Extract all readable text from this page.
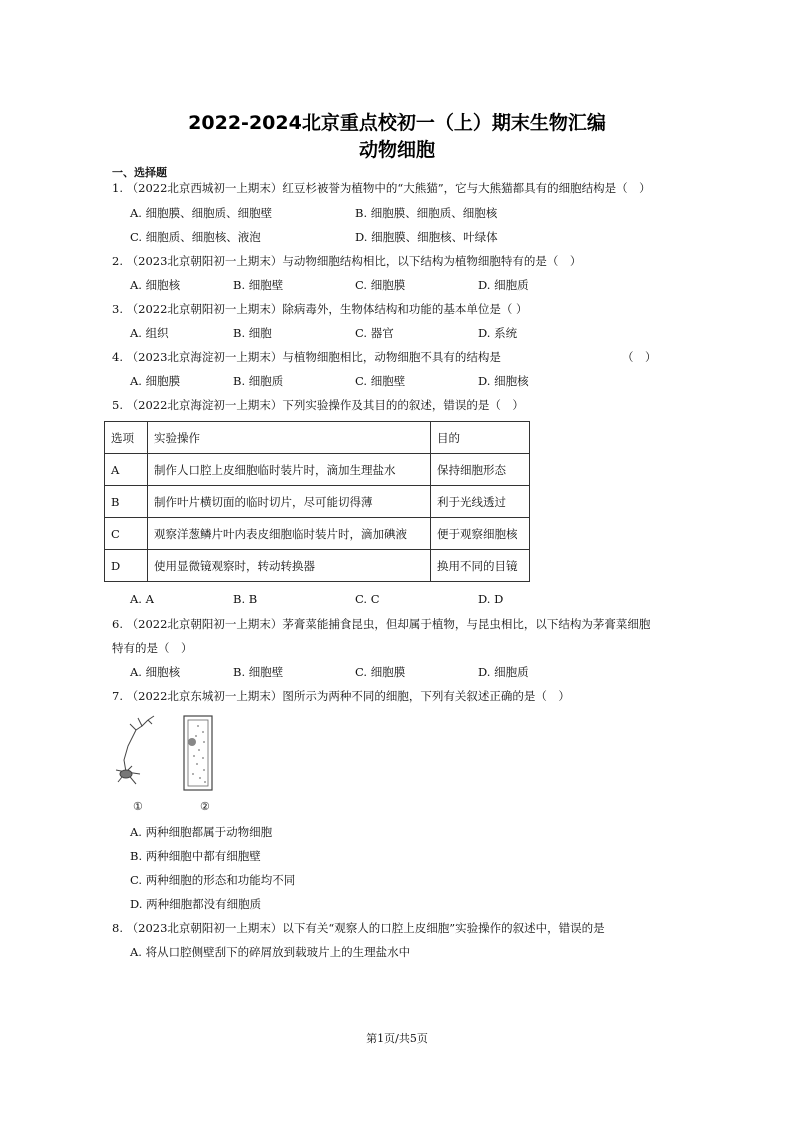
2022-2024北京重点校初一（上）期末生物汇编
动物细胞
一、选择题
1. （2022北京西城初一上期末）红豆杉被誉为植物中的“大熊猫”，它与大熊猫都具有的细胞结构是（　）
A. 细胞膜、细胞质、细胞壁	B. 细胞膜、细胞质、细胞核
C. 细胞质、细胞核、液泡	D. 细胞膜、细胞核、叶绿体
2. （2023北京朝阳初一上期末）与动物细胞结构相比，以下结构为植物细胞特有的是（　）
A. 细胞核	B. 细胞壁	C. 细胞膜	D. 细胞质
3. （2022北京朝阳初一上期末）除病毒外，生物体结构和功能的基本单位是（ ）
A. 组织	B. 细胞	C. 器官	D. 系统
4. （2023北京海淀初一上期末）与植物细胞相比，动物细胞不具有的结构是	（　）
A. 细胞膜	B. 细胞质	C. 细胞壁	D. 细胞核
5. （2022北京海淀初一上期末）下列实验操作及其目的的叙述，错误的是（　）
选项	实验操作	目的
A	制作人口腔上皮细胞临时装片时，滴加生理盐水	保持细胞形态
B	制作叶片横切面的临时切片，尽可能切得薄	利于光线透过
C	观察洋葱鳞片叶内表皮细胞临时装片时，滴加碘液	便于观察细胞核
D	使用显微镜观察时，转动转换器	换用不同的目镜
A. A	B. B	C. C	D. D
6. （2022北京朝阳初一上期末）茅膏菜能捕食昆虫，但却属于植物，与昆虫相比，以下结构为茅膏菜细胞
特有的是（　）
A. 细胞核	B. 细胞壁	C. 细胞膜	D. 细胞质
7. （2022北京东城初一上期末）图所示为两种不同的细胞，下列有关叙述正确的是（　）
①	②
A. 两种细胞都属于动物细胞
B. 两种细胞中都有细胞壁
C. 两种细胞的形态和功能均不同
D. 两种细胞都没有细胞质
8. （2023北京朝阳初一上期末）以下有关“观察人的口腔上皮细胞”实验操作的叙述中，错误的是
A. 将从口腔侧壁刮下的碎屑放到载玻片上的生理盐水中
第1页/共5页
